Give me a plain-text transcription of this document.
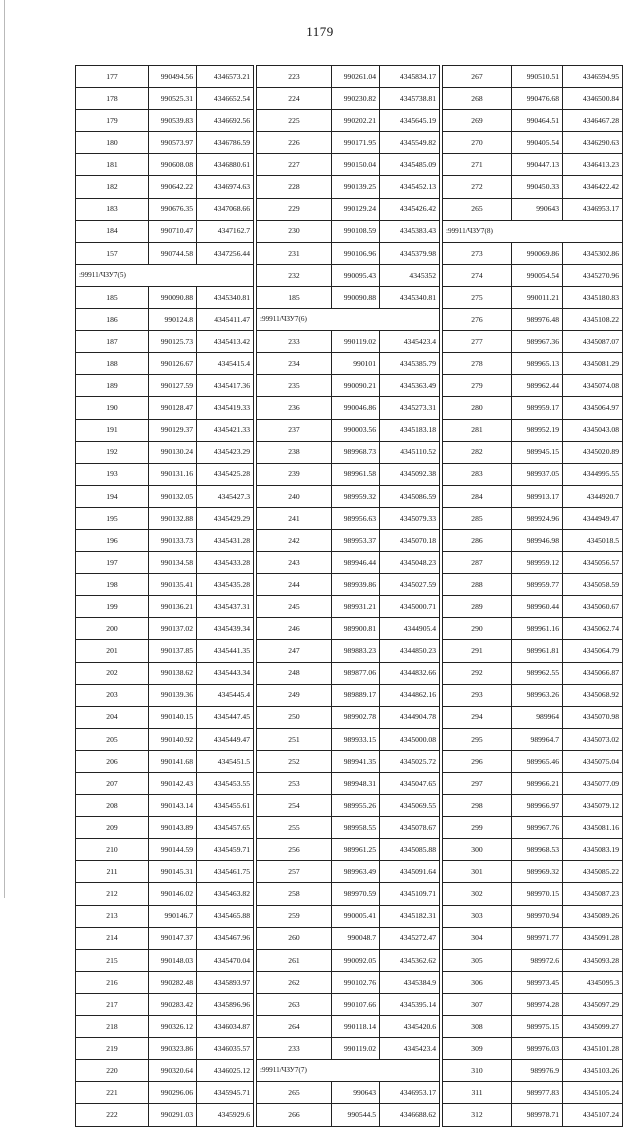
1179
177	990494.56	4346573.21
178	990525.31	4346652.54
179	990539.83	4346692.56
180	990573.97	4346786.59
181	990608.08	4346880.61
182	990642.22	4346974.63
183	990676.35	4347068.66
184	990710.47	4347162.7
157	990744.58	4347256.44
:99911/ЧЗУ7(5)		
185	990090.88	4345340.81
186	990124.8	4345411.47
187	990125.73	4345413.42
188	990126.67	4345415.4
189	990127.59	4345417.36
190	990128.47	4345419.33
191	990129.37	4345421.33
192	990130.24	4345423.29
193	990131.16	4345425.28
194	990132.05	4345427.3
195	990132.88	4345429.29
196	990133.73	4345431.28
197	990134.58	4345433.28
198	990135.41	4345435.28
199	990136.21	4345437.31
200	990137.02	4345439.34
201	990137.85	4345441.35
202	990138.62	4345443.34
203	990139.36	4345445.4
204	990140.15	4345447.45
205	990140.92	4345449.47
206	990141.68	4345451.5
207	990142.43	4345453.55
208	990143.14	4345455.61
209	990143.89	4345457.65
210	990144.59	4345459.71
211	990145.31	4345461.75
212	990146.02	4345463.82
213	990146.7	4345465.88
214	990147.37	4345467.96
215	990148.03	4345470.04
216	990282.48	4345893.97
217	990283.42	4345896.96
218	990326.12	4346034.87
219	990323.86	4346035.57
220	990320.64	4346025.12
221	990296.06	4345945.71
222	990291.03	4345929.6
223	990261.04	4345834.17
224	990230.82	4345738.81
225	990202.21	4345645.19
226	990171.95	4345549.82
227	990150.04	4345485.09
228	990139.25	4345452.13
229	990129.24	4345426.42
230	990108.59	4345383.43
231	990106.96	4345379.98
232	990095.43	4345352
185	990090.88	4345340.81
:99911/ЧЗУ7(6)		
233	990119.02	4345423.4
234	990101	4345385.79
235	990090.21	4345363.49
236	990046.86	4345273.31
237	990003.56	4345183.18
238	989968.73	4345110.52
239	989961.58	4345092.38
240	989959.32	4345086.59
241	989956.63	4345079.33
242	989953.37	4345070.18
243	989946.44	4345048.23
244	989939.86	4345027.59
245	989931.21	4345000.71
246	989900.81	4344905.4
247	989883.23	4344850.23
248	989877.06	4344832.66
249	989889.17	4344862.16
250	989902.78	4344904.78
251	989933.15	4345000.08
252	989941.35	4345025.72
253	989948.31	4345047.65
254	989955.26	4345069.55
255	989958.55	4345078.67
256	989961.25	4345085.88
257	989963.49	4345091.64
258	989970.59	4345109.71
259	990005.41	4345182.31
260	990048.7	4345272.47
261	990092.05	4345362.62
262	990102.76	4345384.9
263	990107.66	4345395.14
264	990118.14	4345420.6
233	990119.02	4345423.4
:99911/ЧЗУ7(7)		
265	990643	4346953.17
266	990544.5	4346688.62
267	990510.51	4346594.95
268	990476.68	4346500.84
269	990464.51	4346467.28
270	990405.54	4346290.63
271	990447.13	4346413.23
272	990450.33	4346422.42
265	990643	4346953.17
:99911/ЧЗУ7(8)		
273	990069.86	4345302.86
274	990054.54	4345270.96
275	990011.21	4345180.83
276	989976.48	4345108.22
277	989967.36	4345087.07
278	989965.13	4345081.29
279	989962.44	4345074.08
280	989959.17	4345064.97
281	989952.19	4345043.08
282	989945.15	4345020.89
283	989937.05	4344995.55
284	989913.17	4344920.7
285	989924.96	4344949.47
286	989946.98	4345018.5
287	989959.12	4345056.57
288	989959.77	4345058.59
289	989960.44	4345060.67
290	989961.16	4345062.74
291	989961.81	4345064.79
292	989962.55	4345066.87
293	989963.26	4345068.92
294	989964	4345070.98
295	989964.7	4345073.02
296	989965.46	4345075.04
297	989966.21	4345077.09
298	989966.97	4345079.12
299	989967.76	4345081.16
300	989968.53	4345083.19
301	989969.32	4345085.22
302	989970.15	4345087.23
303	989970.94	4345089.26
304	989971.77	4345091.28
305	989972.6	4345093.28
306	989973.45	4345095.3
307	989974.28	4345097.29
308	989975.15	4345099.27
309	989976.03	4345101.28
310	989976.9	4345103.26
311	989977.83	4345105.24
312	989978.71	4345107.24
